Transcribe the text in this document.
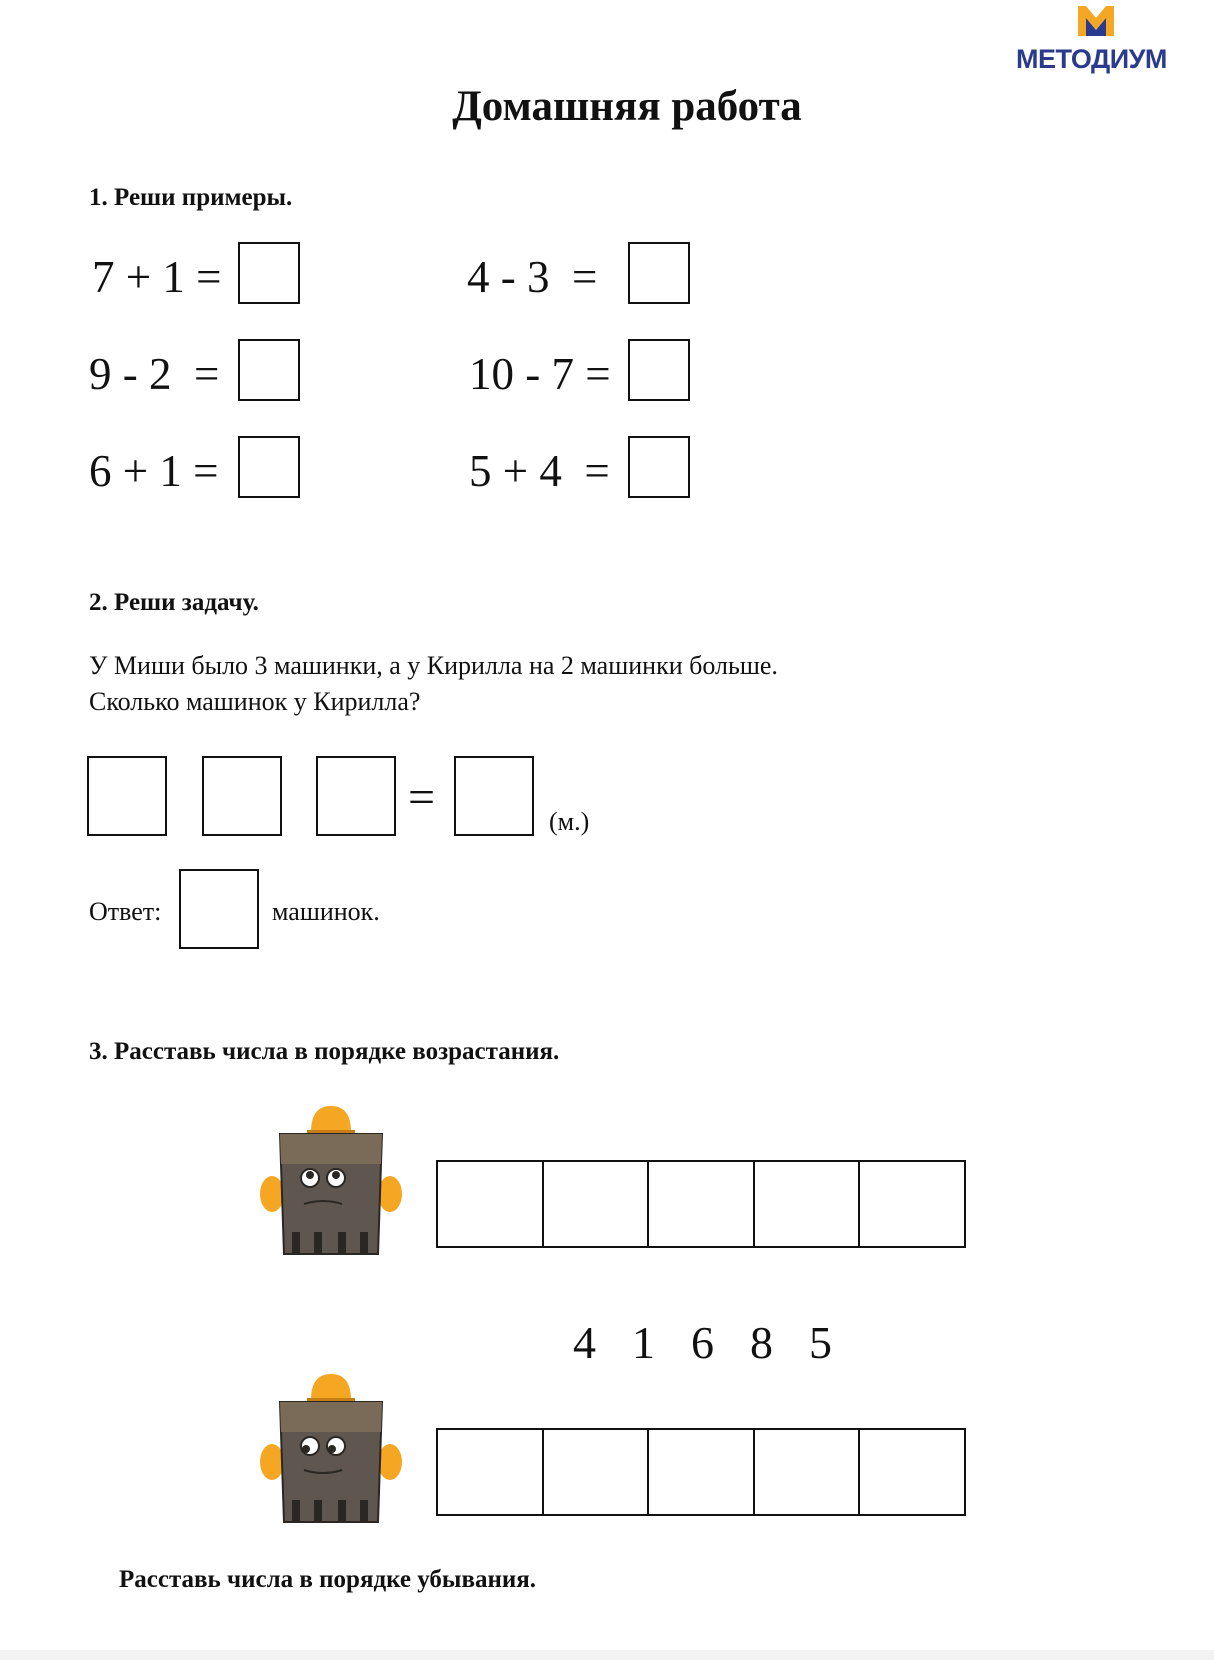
МЕТОДИУМ
Домашняя работа
1. Реши примеры.
7 + 1 =
9 - 2  =
6 + 1 =
4 - 3  =
10 - 7 =
5 + 4  =
2. Реши задачу.
У Миши было 3 машинки, а у Кирилла на 2 машинки больше.
Сколько машинок у Кирилла?
=	(м.)
Ответ:	машинок.
3. Расставь числа в порядке возрастания.
4 1 6 8 5
Расставь числа в порядке убывания.
